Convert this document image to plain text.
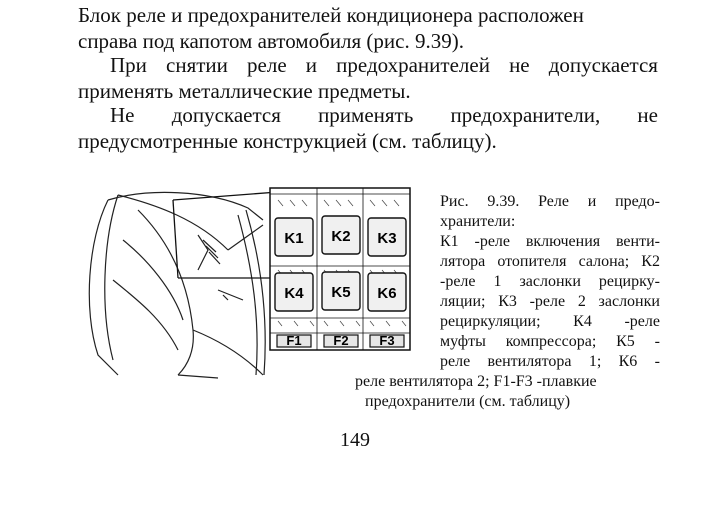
Блок реле и предохранителей кондиционера расположен
справа под капотом автомобиля (рис. 9.39).

При снятии реле и предохранителей не допускается
применять металлические предметы.

Не допускается применять предохранители, не
предусмотренные конструкцией (см. таблицу).

K1 K2 K3
K4 K5 K6
F1 F2 F3
Рис. 9.39. Реле и предо-
хранители:
К1 -реле включения венти-
лятора отопителя салона; К2
-реле 1 заслонки рецирку-
ляции; К3 -реле 2 заслонки
рециркуляции; К4 -реле
муфты компрессора; К5 -
реле вентилятора 1; К6 -
реле вентилятора 2; F1-F3 -плавкие
предохранители (см. таблицу)
149
